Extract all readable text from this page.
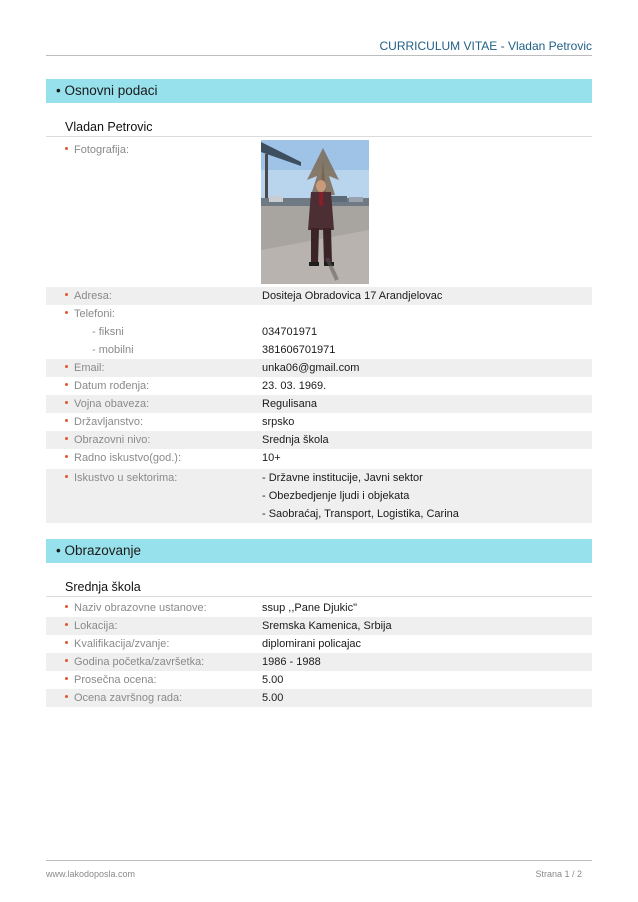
CURRICULUM VITAE - Vladan Petrovic
• Osnovni podaci
Vladan Petrovic
Fotografija:
Adresa:	Dositeja Obradovica 17 Arandjelovac
Telefoni:
- fiksni	034701971
- mobilni	381606701971
Email:	unka06@gmail.com
Datum rođenja:	23. 03. 1969.
Vojna obaveza:	Regulisana
Državljanstvo:	srpsko
Obrazovni nivo:	Srednja škola
Radno iskustvo(god.):	10+
Iskustvo u sektorima:	- Državne institucije, Javni sektor
- Obezbedjenje ljudi i objekata
- Saobraćaj, Transport, Logistika, Carina
• Obrazovanje
Srednja škola
Naziv obrazovne ustanove:	ssup ,,Pane Djukic"
Lokacija:	Sremska Kamenica, Srbija
Kvalifikacija/zvanje:	diplomirani policajac
Godina početka/završetka:	1986 - 1988
Prosečna ocena:	5.00
Ocena završnog rada:	5.00
www.lakodoposla.com	Strana 1 / 2
